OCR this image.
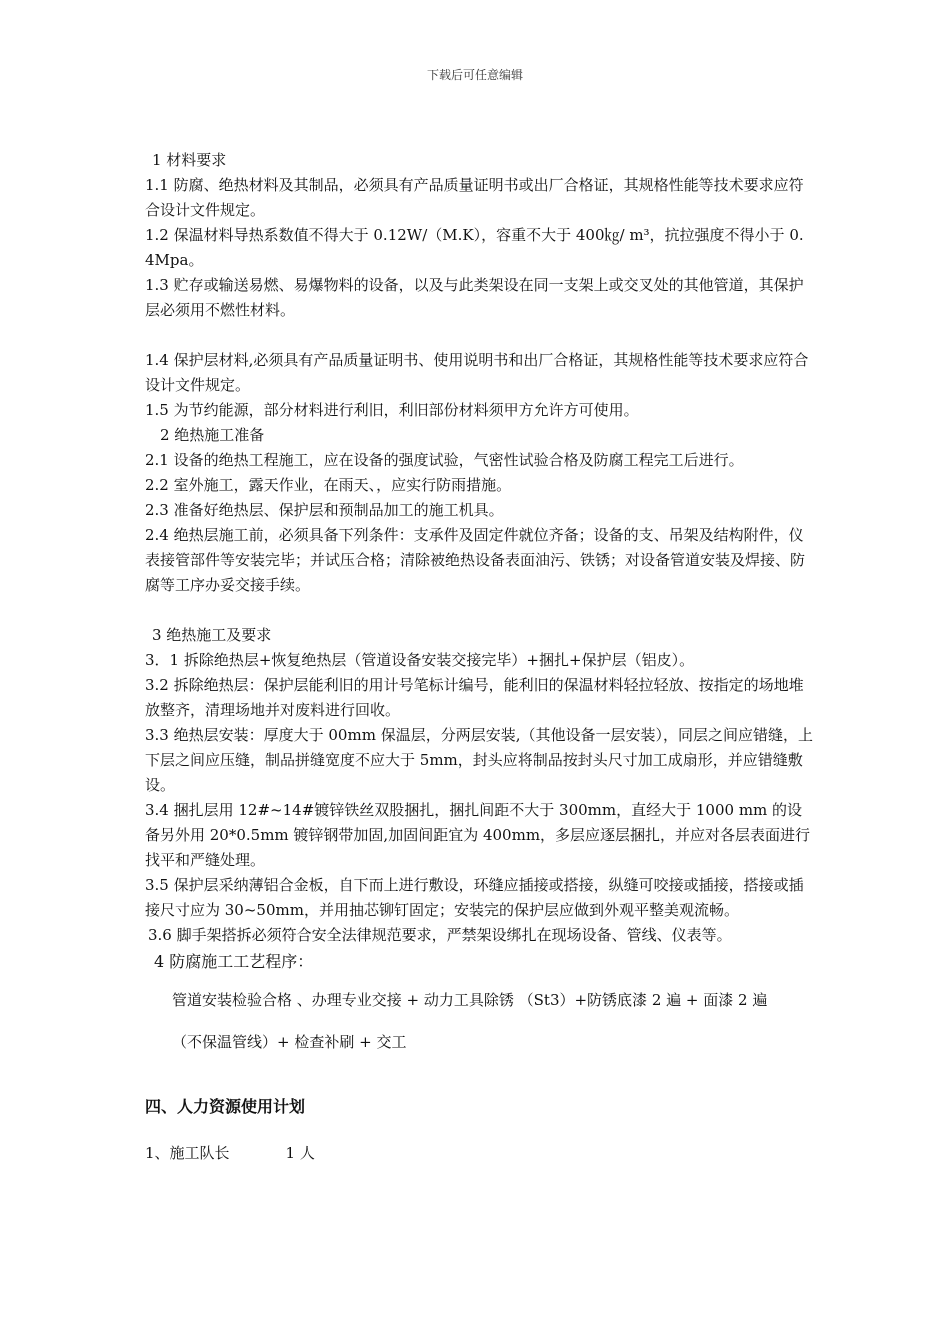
下载后可任意编辑

1 材料要求

1.1 防腐、绝热材料及其制品，必须具有产品质量证明书或出厂合格证，其规格性能等技术要求应符合设计文件规定。

1.2 保温材料导热系数值不得大于 0.12W/（M.K），容重不大于 400㎏/ m³，抗拉强度不得小于 0.4Mpa。

1.3 贮存或输送易燃、易爆物料的设备，以及与此类架设在同一支架上或交叉处的其他管道，其保护层必须用不燃性材料。

1.4 保护层材料,必须具有产品质量证明书、使用说明书和出厂合格证，其规格性能等技术要求应符合设计文件规定。

1.5 为节约能源，部分材料进行利旧，利旧部份材料须甲方允许方可使用。

2 绝热施工准备

2.1 设备的绝热工程施工，应在设备的强度试验，气密性试验合格及防腐工程完工后进行。

2.2 室外施工，露天作业，在雨天、，应实行防雨措施。

2.3 准备好绝热层、保护层和预制品加工的施工机具。

2.4 绝热层施工前，必须具备下列条件：支承件及固定件就位齐备；设备的支、吊架及结构附件，仪表接管部件等安装完毕；并试压合格；清除被绝热设备表面油污、铁锈；对设备管道安装及焊接、防腐等工序办妥交接手续。

3 绝热施工及要求

3．1 拆除绝热层+恢复绝热层（管道设备安装交接完毕）+捆扎+保护层（铝皮）。

3.2 拆除绝热层：保护层能利旧的用计号笔标计编号，能利旧的保温材料轻拉轻放、按指定的场地堆放整齐，清理场地并对废料进行回收。

3.3 绝热层安装：厚度大于 00mm 保温层，分两层安装,（其他设备一层安装），同层之间应错缝，上下层之间应压缝，制品拼缝宽度不应大于 5mm，封头应将制品按封头尺寸加工成扇形，并应错缝敷设。

3.4 捆扎层用 12#~14#镀锌铁丝双股捆扎，捆扎间距不大于 300mm，直经大于 1000 mm 的设备另外用 20*0.5mm 镀锌钢带加固,加固间距宜为 400mm，多层应逐层捆扎，并应对各层表面进行找平和严缝处理。

3.5 保护层采纳薄铝合金板，自下而上进行敷设，环缝应插接或搭接，纵缝可咬接或插接，搭接或插接尺寸应为 30~50mm，并用抽芯铆钉固定；安装完的保护层应做到外观平整美观流畅。

3.6 脚手架搭拆必须符合安全法律规范要求，严禁架设绑扎在现场设备、管线、仪表等。

4 防腐施工工艺程序：

管道安装检验合格 、办理专业交接 + 动力工具除锈 （St3）+防锈底漆 2 遍 + 面漆 2 遍

（不保温管线）+ 检查补刷 + 交工

四、人力资源使用计划

1、施工队长	1 人
